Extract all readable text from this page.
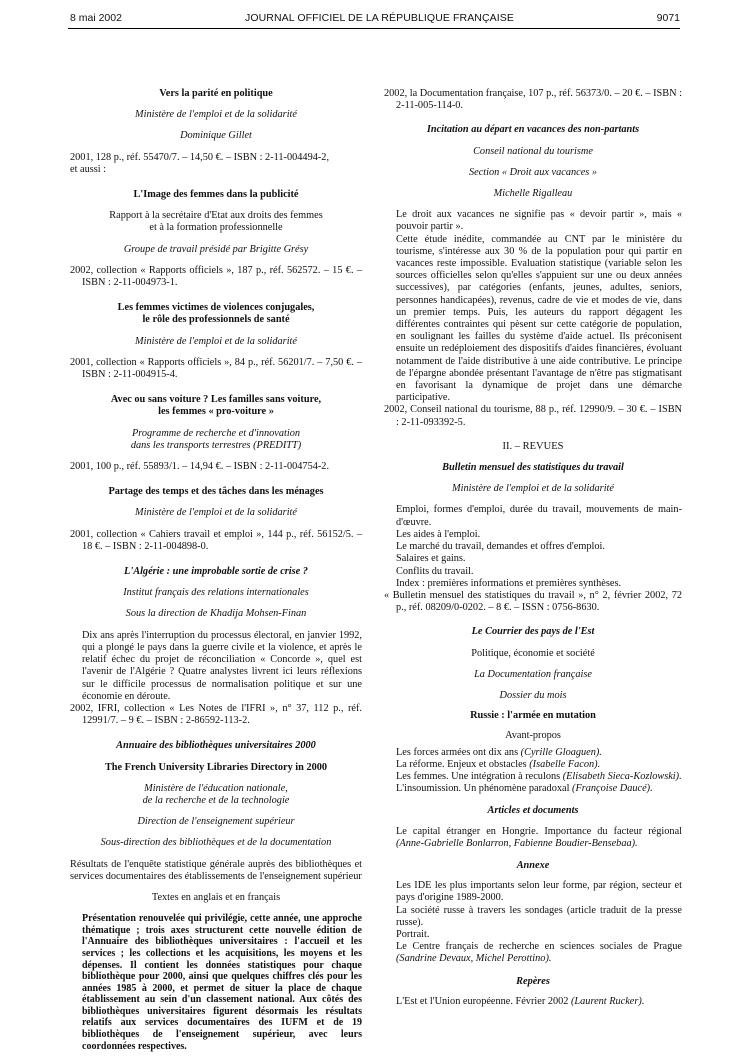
8 mai 2002	JOURNAL OFFICIEL DE LA RÉPUBLIQUE FRANÇAISE	9071

Vers la parité en politique

Ministère de l'emploi et de la solidarité

Dominique Gillet

2001, 128 p., réf. 55470/7. – 14,50 €. – ISBN : 2-11-004494-2,

et aussi :

L'Image des femmes dans la publicité

Rapport à la secrétaire d'Etat aux droits des femmes

et à la formation professionnelle

Groupe de travail présidé par Brigitte Grésy

2002, collection « Rapports officiels », 187 p., réf. 562572. – 15 €. – ISBN : 2-11-004973-1.

Les femmes victimes de violences conjugales,

le rôle des professionnels de santé

Ministère de l'emploi et de la solidarité

2001, collection « Rapports officiels », 84 p., réf. 56201/7. – 7,50 €. – ISBN : 2-11-004915-4.

Avec ou sans voiture ? Les familles sans voiture,

les femmes « pro-voiture »

Programme de recherche et d'innovation

dans les transports terrestres (PREDITT)

2001, 100 p., réf. 55893/1. – 14,94 €. – ISBN : 2-11-004754-2.

Partage des temps et des tâches dans les ménages

Ministère de l'emploi et de la solidarité

2001, collection « Cahiers travail et emploi », 144 p., réf. 56152/5. – 18 €. – ISBN : 2-11-004898-0.

L'Algérie : une improbable sortie de crise ?

Institut français des relations internationales

Sous la direction de Khadija Mohsen-Finan

Dix ans après l'interruption du processus électoral, en janvier 1992, qui a plongé le pays dans la guerre civile et la violence, et après le relatif échec du projet de réconciliation « Concorde », quel est l'avenir de l'Algérie ? Quatre analystes livrent ici leurs réflexions sur le difficile processus de normalisation politique et sur une économie en déroute.

2002, IFRI, collection « Les Notes de l'IFRI », n° 37, 112 p., réf. 12991/7. – 9 €. – ISBN : 2-86592-113-2.

Annuaire des bibliothèques universitaires 2000

The French University Libraries Directory in 2000

Ministère de l'éducation nationale,

de la recherche et de la technologie

Direction de l'enseignement supérieur

Sous-direction des bibliothèques et de la documentation

Résultats de l'enquête statistique générale auprès des bibliothèques et services documentaires des établissements de l'enseignement supérieur

Textes en anglais et en français

Présentation renouvelée qui privilégie, cette année, une approche thématique ; trois axes structurent cette nouvelle édition de l'Annuaire des bibliothèques universitaires : l'accueil et les services ; les collections et les acquisitions, les moyens et les dépenses. Il contient les données statistiques pour chaque bibliothèque pour 2000, ainsi que quelques chiffres clés pour les années 1985 à 2000, et permet de situer la place de chaque établissement au sein d'un classement national. Aux côtés des bibliothèques universitaires figurent désormais les résultats relatifs aux services documentaires des IUFM et de 19 bibliothèques de l'enseignement supérieur, avec leurs coordonnées respectives.

2002, la Documentation française, 107 p., réf. 56373/0. – 20 €. – ISBN : 2-11-005-114-0.

Incitation au départ en vacances des non-partants

Conseil national du tourisme

Section « Droit aux vacances »

Michelle Rigalleau

Le droit aux vacances ne signifie pas « devoir partir », mais « pouvoir partir ».

Cette étude inédite, commandée au CNT par le ministère du tourisme, s'intéresse aux 30 % de la population pour qui partir en vacances reste impossible. Evaluation statistique (variable selon les sources officielles selon qu'elles s'appuient sur une ou deux années successives), par catégories (enfants, jeunes, adultes, seniors, personnes handicapées), revenus, cadre de vie et modes de vie, dans un premier temps. Puis, les auteurs du rapport dégagent les différentes contraintes qui pèsent sur cette catégorie de population, en soulignant les failles du système d'aide actuel. Ils préconisent ensuite un redéploiement des dispositifs d'aides financières, évoluant notamment de l'aide distributive à une aide contributive. Le principe de l'épargne abondée présentant l'avantage de n'être pas stigmatisant en favorisant la dynamique de projet dans une démarche participative.

2002, Conseil national du tourisme, 88 p., réf. 12990/9. – 30 €. – ISBN : 2-11-093392-5.

II. – REVUES

Bulletin mensuel des statistiques du travail

Ministère de l'emploi et de la solidarité

Emploi, formes d'emploi, durée du travail, mouvements de main-d'œuvre.

Les aides à l'emploi.

Le marché du travail, demandes et offres d'emploi.

Salaires et gains.

Conflits du travail.

Index : premières informations et premières synthèses.

« Bulletin mensuel des statistiques du travail », n° 2, février 2002, 72 p., réf. 08209/0-0202. – 8 €. – ISSN : 0756-8630.

Le Courrier des pays de l'Est

Politique, économie et société

La Documentation française

Dossier du mois

Russie : l'armée en mutation

Avant-propos

Les forces armées ont dix ans (Cyrille Gloaguen).

La réforme. Enjeux et obstacles (Isabelle Facon).

Les femmes. Une intégration à reculons (Elisabeth Sieca-Kozlowski).

L'insoumission. Un phénomène paradoxal (Françoise Daucé).

Articles et documents

Le capital étranger en Hongrie. Importance du facteur régional (Anne-Gabrielle Bonlarron, Fabienne Boudier-Bensebaa).

Annexe

Les IDE les plus importants selon leur forme, par région, secteur et pays d'origine 1989-2000.

La société russe à travers les sondages (article traduit de la presse russe).

Portrait.

Le Centre français de recherche en sciences sociales de Prague (Sandrine Devaux, Michel Perottino).

Repères

L'Est et l'Union européenne. Février 2002 (Laurent Rucker).
